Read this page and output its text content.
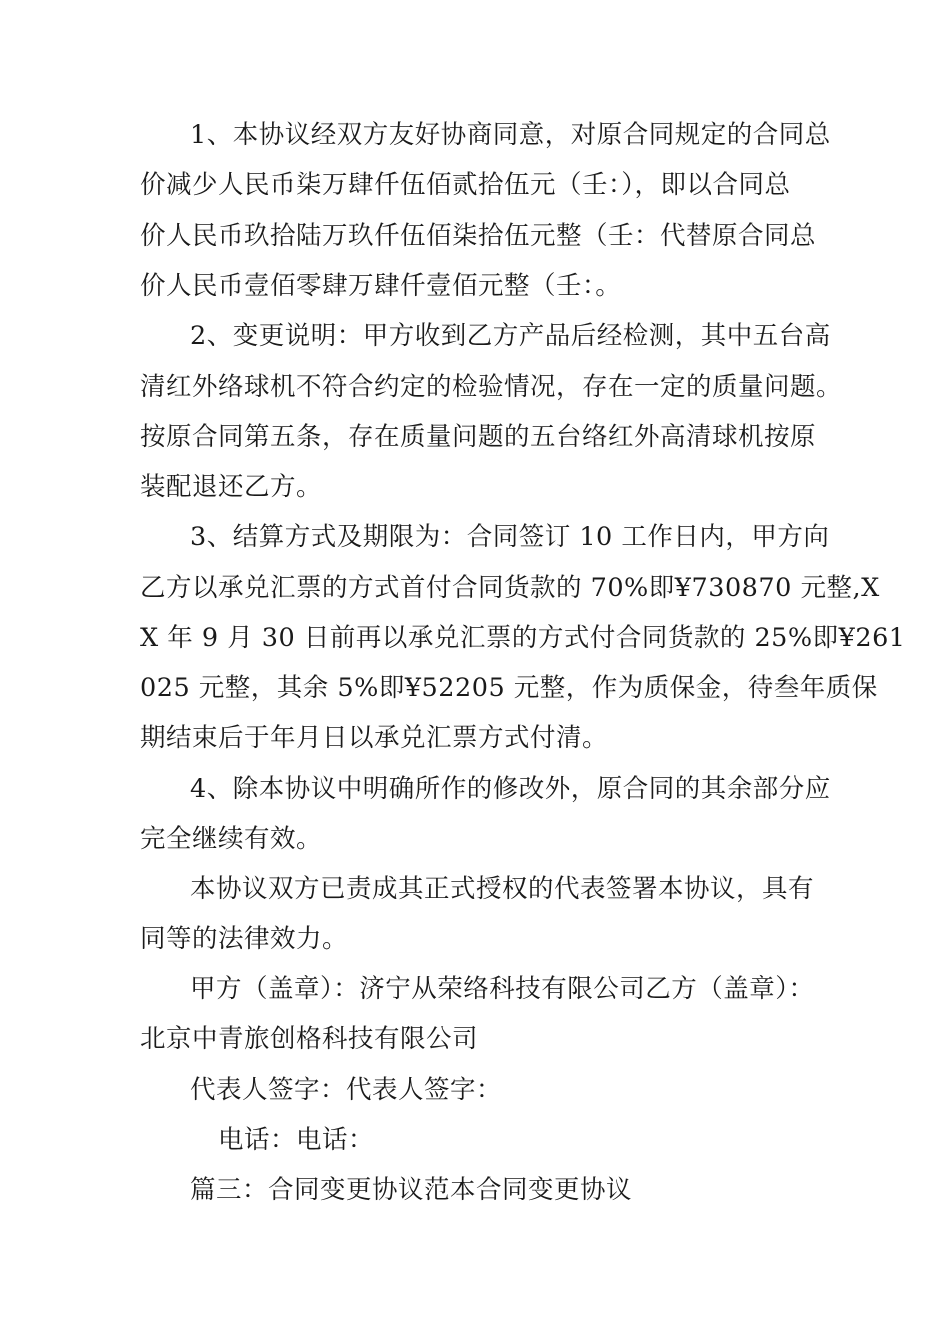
1、本协议经双方友好协商同意，对原合同规定的合同总
价减少人民币柒万肆仟伍佰贰拾伍元（壬：），即以合同总
价人民币玖拾陆万玖仟伍佰柒拾伍元整（壬：代替原合同总
价人民币壹佰零肆万肆仟壹佰元整（壬：。
2、变更说明：甲方收到乙方产品后经检测，其中五台高
清红外络球机不符合约定的检验情况，存在一定的质量问题。
按原合同第五条，存在质量问题的五台络红外高清球机按原
装配退还乙方。
3、结算方式及期限为：合同签订 10 工作日内，甲方向
乙方以承兑汇票的方式首付合同货款的 70%即¥730870 元整,X
X 年 9 月 30 日前再以承兑汇票的方式付合同货款的 25%即¥261
025 元整，其余 5%即¥52205 元整，作为质保金，待叁年质保
期结束后于年月日以承兑汇票方式付清。
4、除本协议中明确所作的修改外，原合同的其余部分应
完全继续有效。
本协议双方已责成其正式授权的代表签署本协议，具有
同等的法律效力。
甲方（盖章）：济宁从荣络科技有限公司乙方（盖章）：
北京中青旅创格科技有限公司
代表人签字：代表人签字：
电话：电话：
篇三：合同变更协议范本合同变更协议
